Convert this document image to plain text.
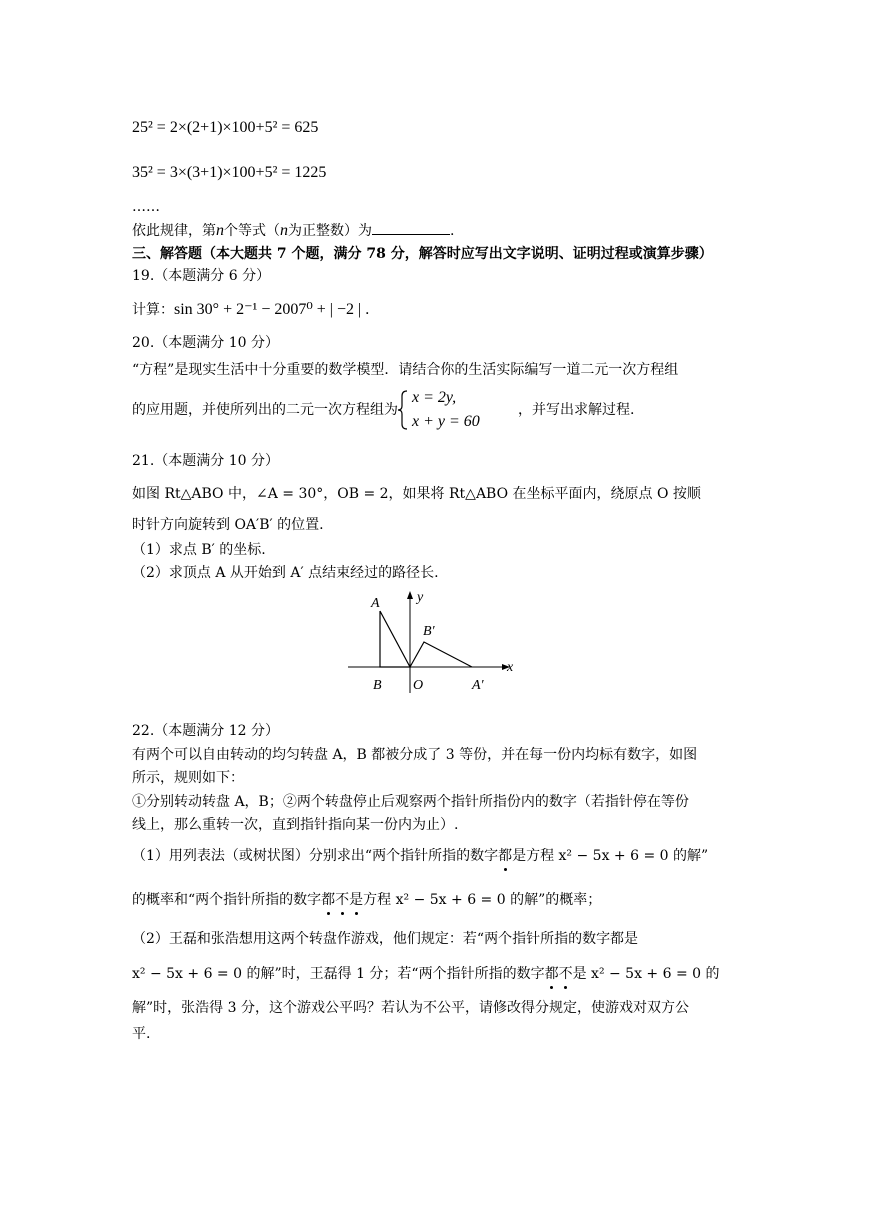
25² = 2×(2+1)×100+5² = 625
35² = 3×(3+1)×100+5² = 1225
……
依此规律，第n个等式（n为正整数）为	.
三、解答题（本大题共 7 个题，满分 78 分，解答时应写出文字说明、证明过程或演算步骤）
19.（本题满分 6 分）
计算：sin 30° + 2⁻¹ − 2007⁰ + | −2 | .
20.（本题满分 10 分）
“方程”是现实生活中十分重要的数学模型．请结合你的生活实际编写一道二元一次方程组
的应用题，并使所列出的二元一次方程组为
x = 2y,
x + y = 60
，并写出求解过程.
21.（本题满分 10 分）
如图 Rt△ABO 中，∠A = 30°，OB = 2，如果将 Rt△ABO 在坐标平面内，绕原点 O 按顺
时针方向旋转到 OA′B′ 的位置.
（1）求点 B′ 的坐标.
（2）求顶点 A 从开始到 A′ 点结束经过的路径长.
A	y
B′
x
B O	A′
22.（本题满分 12 分）
有两个可以自由转动的均匀转盘 A，B 都被分成了 3 等份，并在每一份内均标有数字，如图
所示，规则如下：
①分别转动转盘 A，B；②两个转盘停止后观察两个指针所指份内的数字（若指针停在等份
线上，那么重转一次，直到指针指向某一份内为止）.
（1）用列表法（或树状图）分别求出“两个指针所指的数字都是方程 x² − 5x + 6 = 0 的解”
的概率和“两个指针所指的数字都不是方程 x² − 5x + 6 = 0 的解”的概率；
（2）王磊和张浩想用这两个转盘作游戏，他们规定：若“两个指针所指的数字都是
x² − 5x + 6 = 0 的解”时，王磊得 1 分；若“两个指针所指的数字都不是 x² − 5x + 6 = 0 的
解”时，张浩得 3 分，这个游戏公平吗？若认为不公平，请修改得分规定，使游戏对双方公
平.
